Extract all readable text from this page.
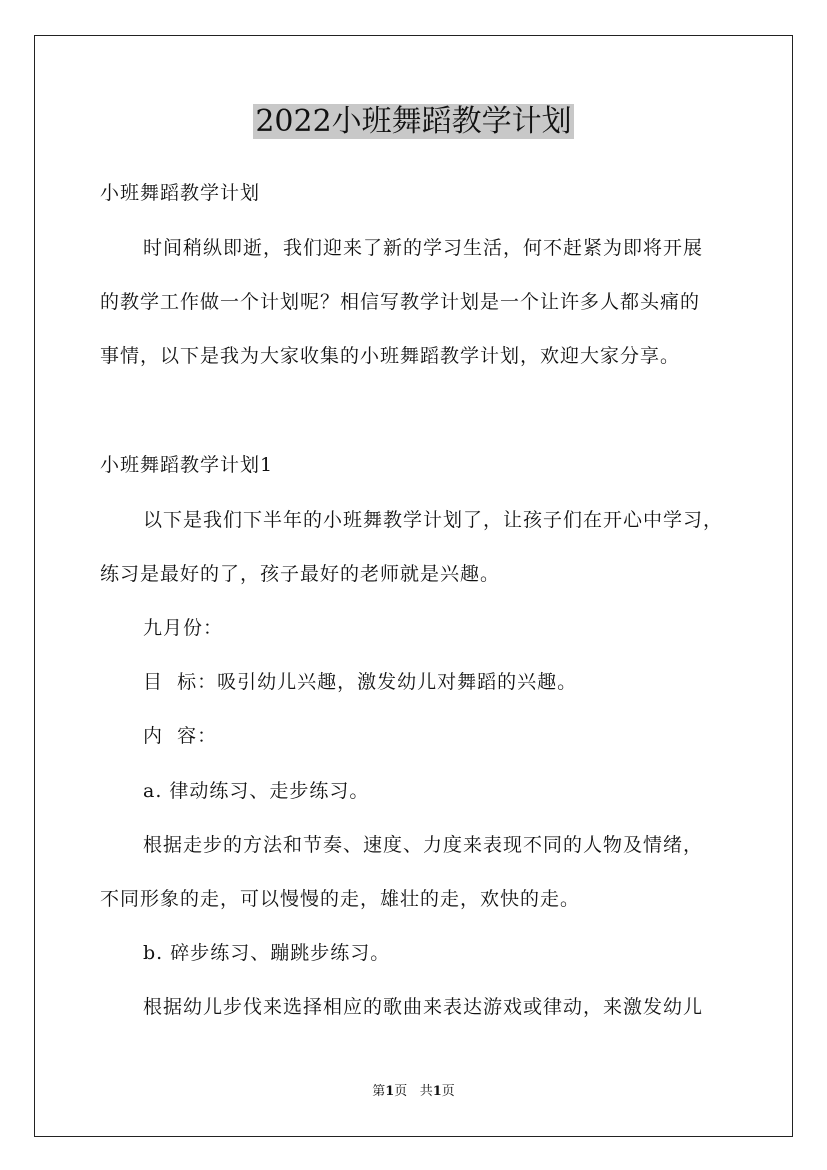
2022小班舞蹈教学计划
小班舞蹈教学计划
时间稍纵即逝，我们迎来了新的学习生活，何不赶紧为即将开展
的教学工作做一个计划呢？相信写教学计划是一个让许多人都头痛的
事情，以下是我为大家收集的小班舞蹈教学计划，欢迎大家分享。
小班舞蹈教学计划1
以下是我们下半年的小班舞教学计划了，让孩子们在开心中学习，
练习是最好的了，孩子最好的老师就是兴趣。
九月份：
目  标：吸引幼儿兴趣，激发幼儿对舞蹈的兴趣。
内  容：
a. 律动练习、走步练习。
根据走步的方法和节奏、速度、力度来表现不同的人物及情绪，
不同形象的走，可以慢慢的走，雄壮的走，欢快的走。
b. 碎步练习、蹦跳步练习。
根据幼儿步伐来选择相应的歌曲来表达游戏或律动，来激发幼儿
第1页 共1页
